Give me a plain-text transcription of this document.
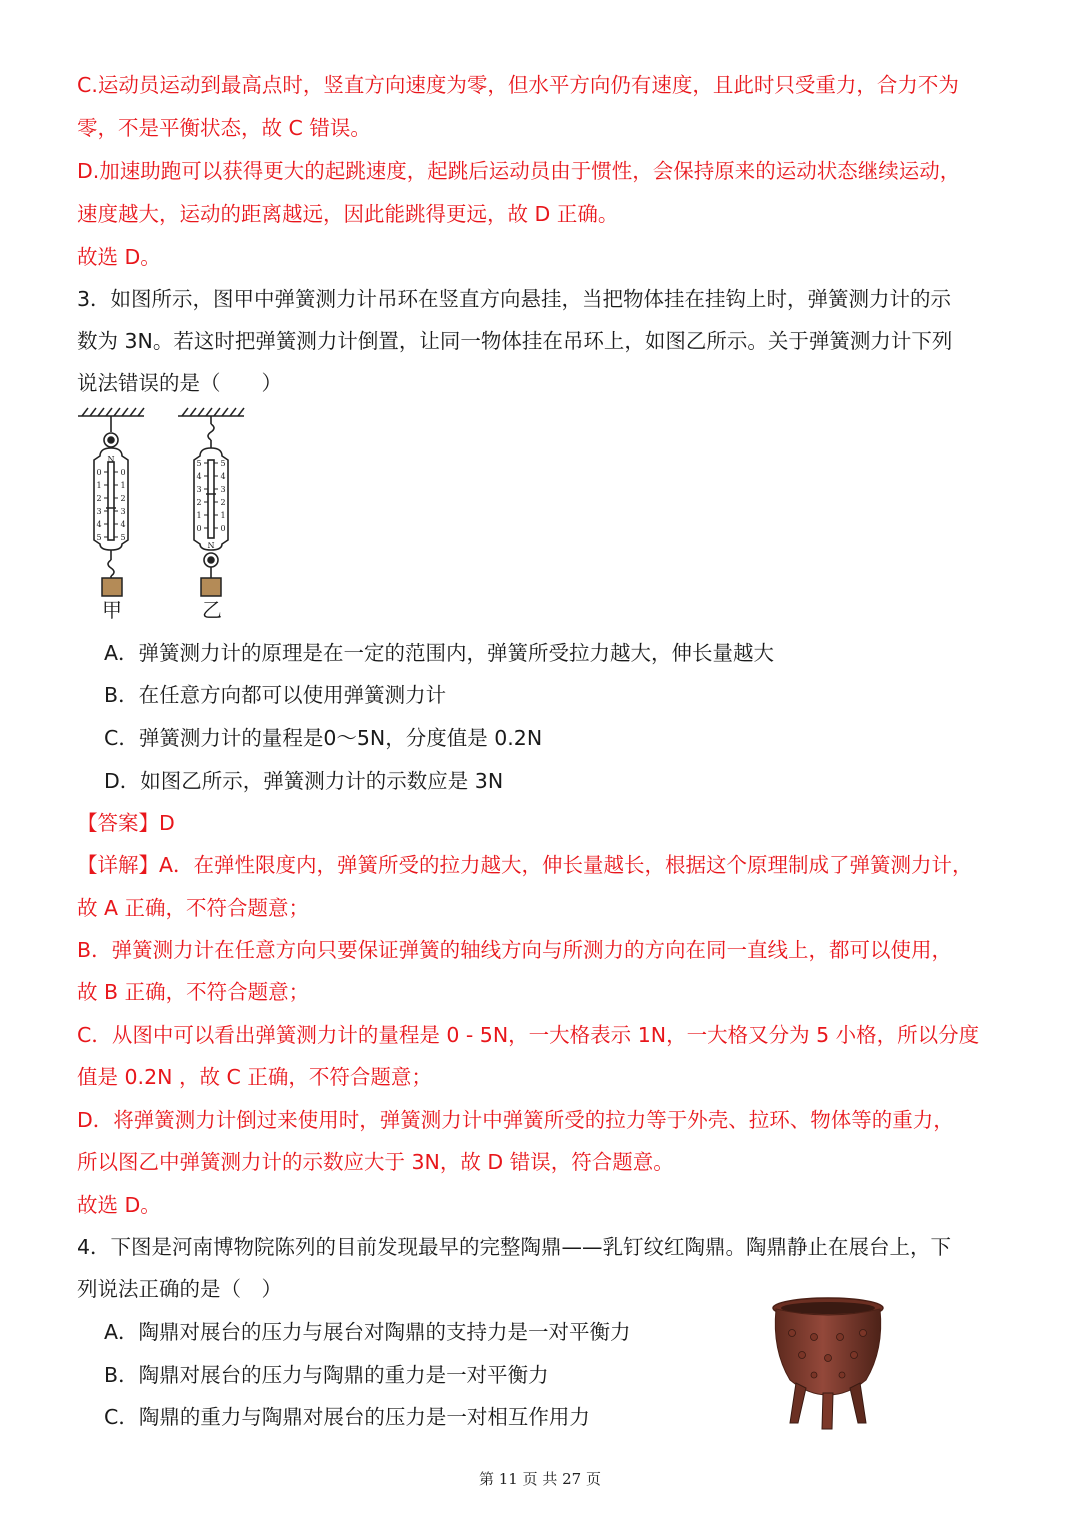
C.运动员运动到最高点时，竖直方向速度为零，但水平方向仍有速度，且此时只受重力，合力不为
零，不是平衡状态，故 C 错误。
D.加速助跑可以获得更大的起跳速度，起跳后运动员由于惯性，会保持原来的运动状态继续运动，
速度越大，运动的距离越远，因此能跳得更远，故 D 正确。
故选 D。
3．如图所示，图甲中弹簧测力计吊环在竖直方向悬挂，当把物体挂在挂钩上时，弹簧测力计的示
数为 3N。若这时把弹簧测力计倒置，让同一物体挂在吊环上，如图乙所示。关于弹簧测力计下列
说法错误的是（　　）
N
0 0
1 1
2 2
3 3
4 4
5 5
N
5 5
4 4
3 3
2 2
1 1
0 0
甲	乙
A．弹簧测力计的原理是在一定的范围内，弹簧所受拉力越大，伸长量越大
B．在任意方向都可以使用弹簧测力计
C．弹簧测力计的量程是0～5N，分度值是 0.2N
D．如图乙所示，弹簧测力计的示数应是 3N
【答案】D
【详解】A．在弹性限度内，弹簧所受的拉力越大，伸长量越长，根据这个原理制成了弹簧测力计，
故 A 正确，不符合题意；
B．弹簧测力计在任意方向只要保证弹簧的轴线方向与所测力的方向在同一直线上，都可以使用，
故 B 正确，不符合题意；
C．从图中可以看出弹簧测力计的量程是 0 - 5N，一大格表示 1N，一大格又分为 5 小格，所以分度
值是 0.2N ，故 C 正确，不符合题意；
D．将弹簧测力计倒过来使用时，弹簧测力计中弹簧所受的拉力等于外壳、拉环、物体等的重力，
所以图乙中弹簧测力计的示数应大于 3N，故 D 错误，符合题意。
故选 D。
4．下图是河南博物院陈列的目前发现最早的完整陶鼎——乳钉纹红陶鼎。陶鼎静止在展台上，下
列说法正确的是（　）
A．陶鼎对展台的压力与展台对陶鼎的支持力是一对平衡力
B．陶鼎对展台的压力与陶鼎的重力是一对平衡力
C．陶鼎的重力与陶鼎对展台的压力是一对相互作用力
第 11 页 共 27 页
